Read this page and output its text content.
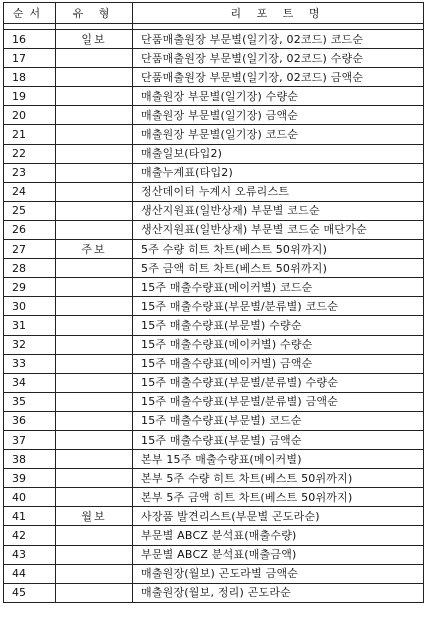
순서	유 형	리 포 트 명

16	일보	단품매출원장 부문별(일기장, 02코드) 코드순
17		단품매출원장 부문별(일기장, 02코드) 수량순
18		단품매출원장 부문별(일기장, 02코드) 금액순
19		매출원장 부문별(일기장) 수량순
20		매출원장 부문별(일기장) 금액순
21		매출원장 부문별(일기장) 코드순
22		매출일보(타입2)
23		매출누계표(타입2)
24		정산데이터 누계시 오류리스트
25		생산지원표(일반상재) 부문별 코드순
26		생산지원표(일반상재) 부문별 코드순 매단가순
27	주보	5주 수량 히트 차트(베스트 50위까지)
28		5주 금액 히트 차트(베스트 50위까지)
29		15주 매출수량표(메이커별) 코드순
30		15주 매출수량표(부문별/분류별) 코드순
31		15주 매출수량표(부문별) 수량순
32		15주 매출수량표(메이커별) 수량순
33		15주 매출수량표(메이커별) 금액순
34		15주 매출수량표(부문별/분류별) 수량순
35		15주 매출수량표(부문별/분류별) 금액순
36		15주 매출수량표(부문별) 코드순
37		15주 매출수량표(부문별) 금액순
38		본부 15주 매출수량표(메이커별)
39		본부 5주 수량 히트 차트(베스트 50위까지)
40		본부 5주 금액 히트 차트(베스트 50위까지)
41	월보	사장품 발견리스트(부문별 곤도라순)
42		부문별 ABCZ 분석표(매출수량)
43		부문별 ABCZ 분석표(매출금액)
44		매출원장(월보) 곤도라별 금액순
45		매출원장(월보, 정리) 곤도라순
